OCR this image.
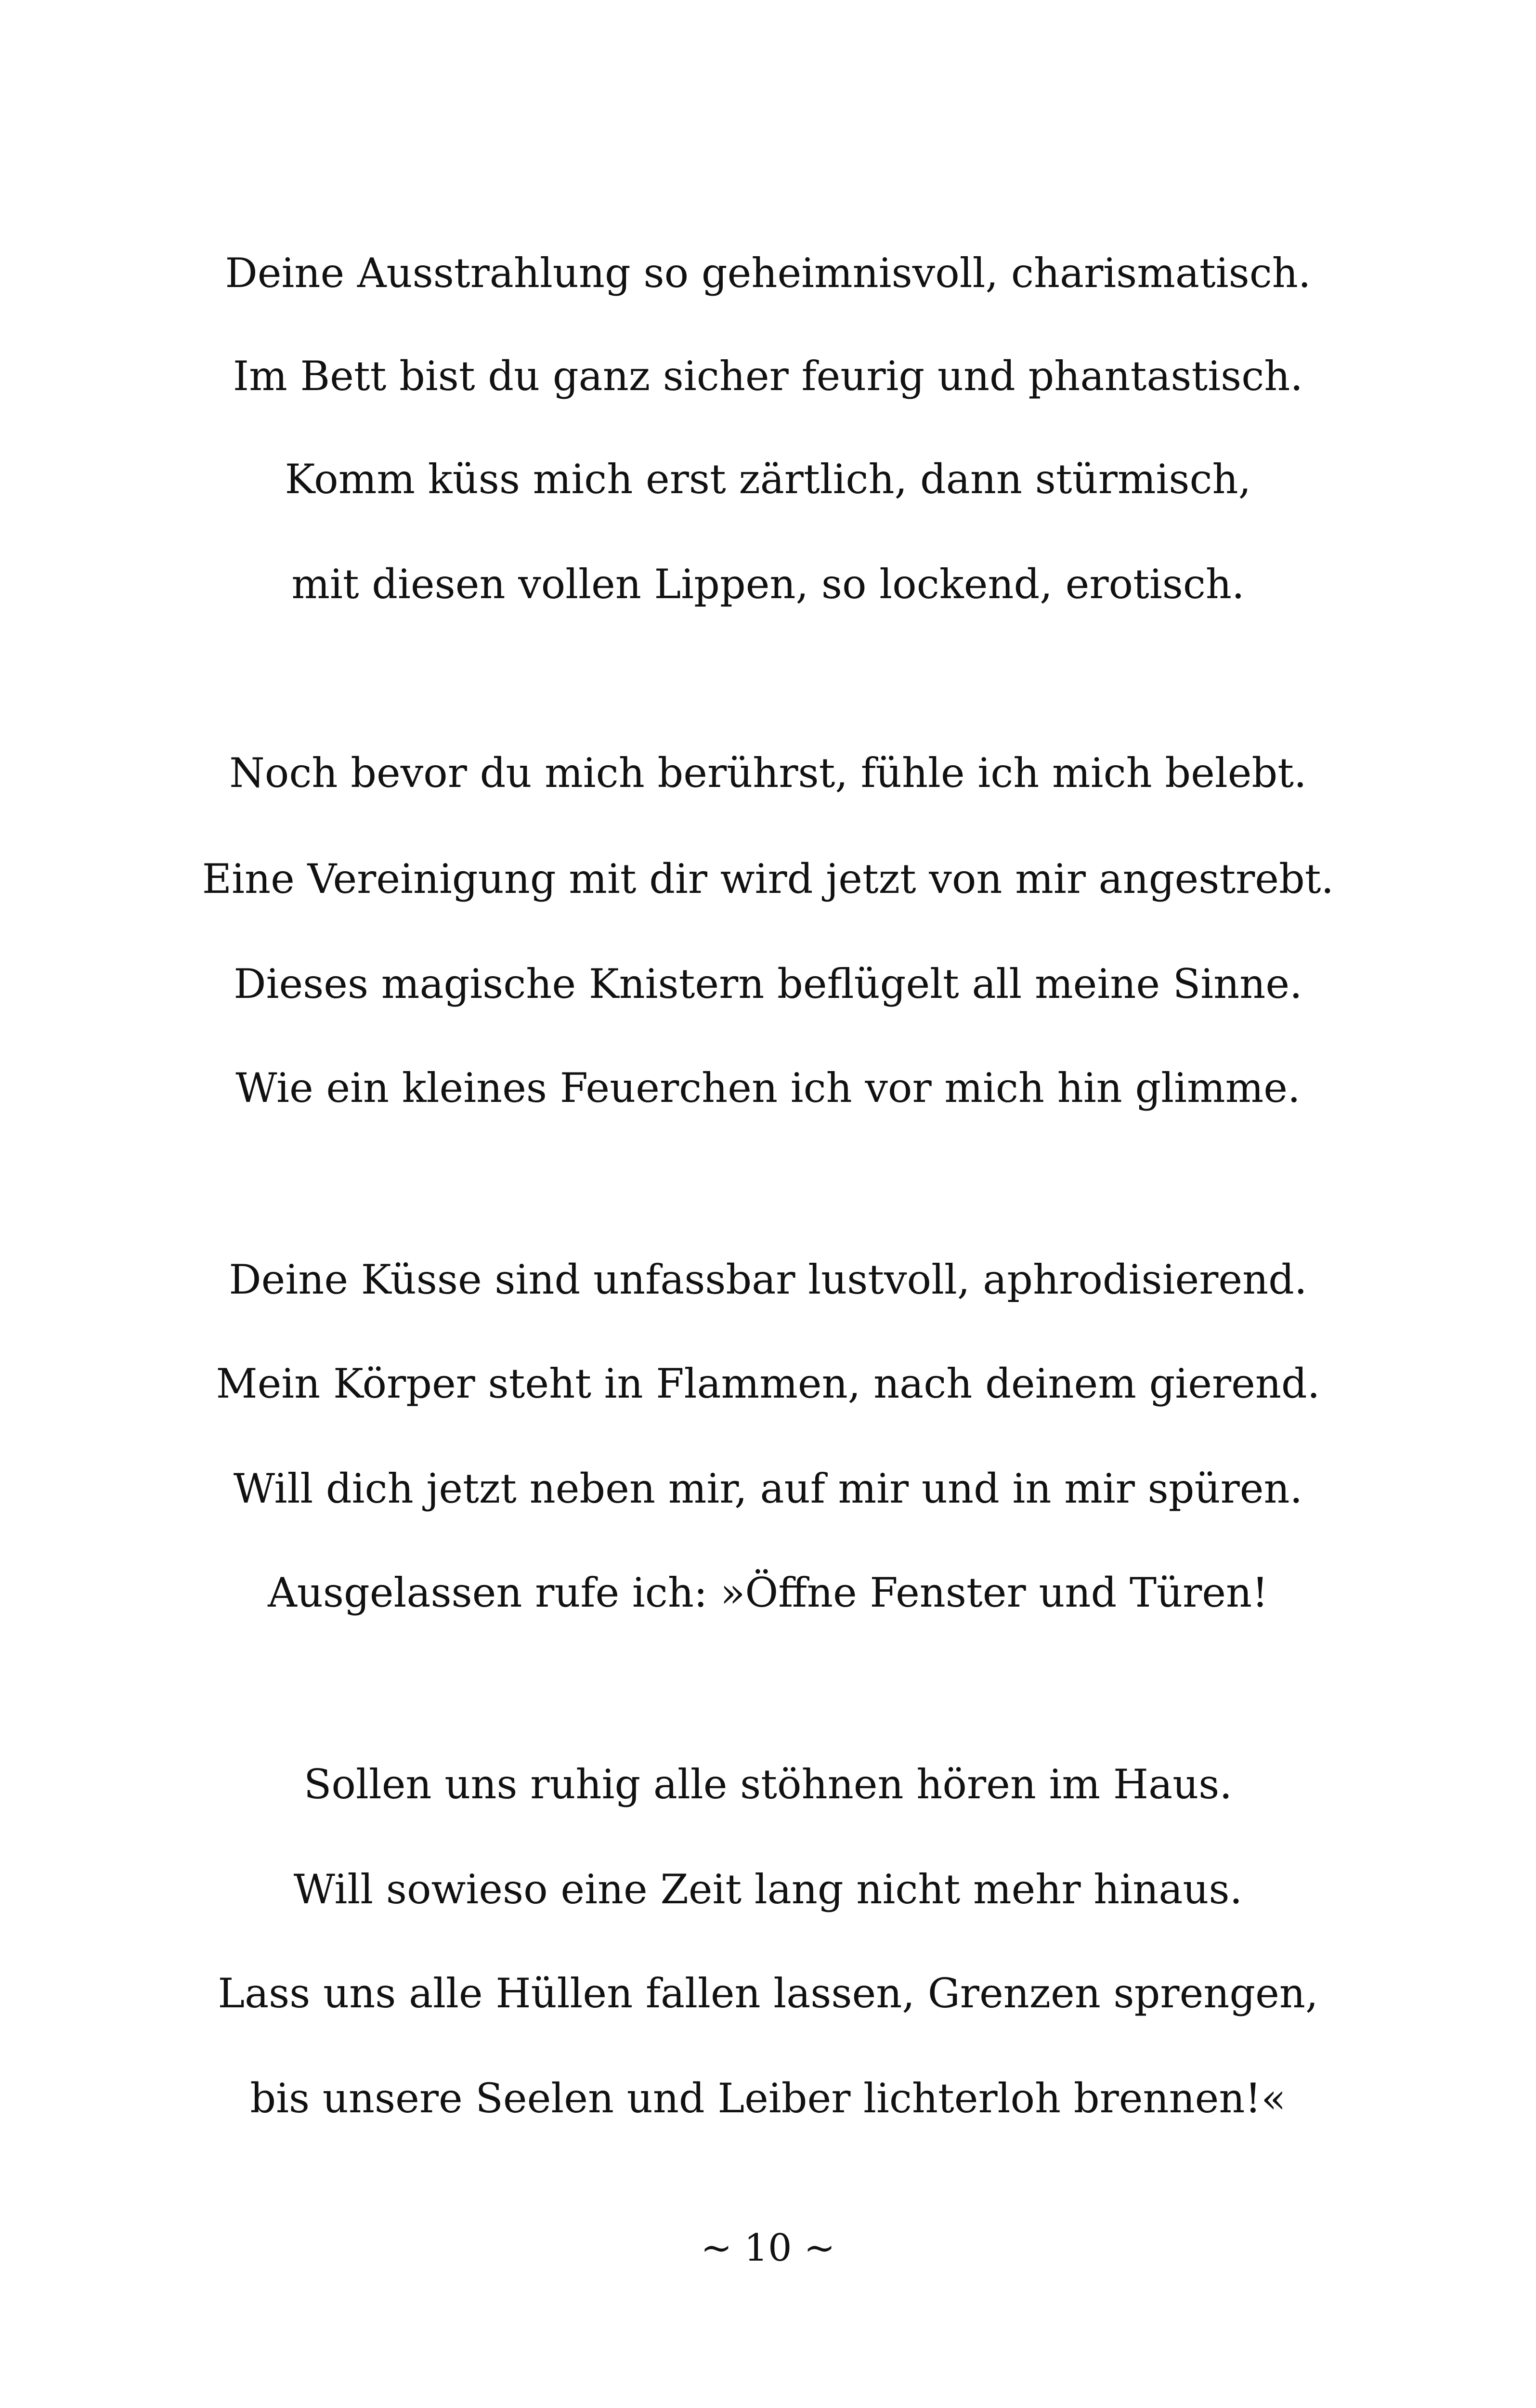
Deine Ausstrahlung so geheimnisvoll, charismatisch.
Im Bett bist du ganz sicher feurig und phantastisch.
Komm küss mich erst zärtlich, dann stürmisch,
mit diesen vollen Lippen, so lockend, erotisch.
Noch bevor du mich berührst, fühle ich mich belebt.
Eine Vereinigung mit dir wird jetzt von mir angestrebt.
Dieses magische Knistern beflügelt all meine Sinne.
Wie ein kleines Feuerchen ich vor mich hin glimme.
Deine Küsse sind unfassbar lustvoll, aphrodisierend.
Mein Körper steht in Flammen, nach deinem gierend.
Will dich jetzt neben mir, auf mir und in mir spüren.
Ausgelassen rufe ich: »Öffne Fenster und Türen!
Sollen uns ruhig alle stöhnen hören im Haus.
Will sowieso eine Zeit lang nicht mehr hinaus.
Lass uns alle Hüllen fallen lassen, Grenzen sprengen,
bis unsere Seelen und Leiber lichterloh brennen!«
~ 10 ~
